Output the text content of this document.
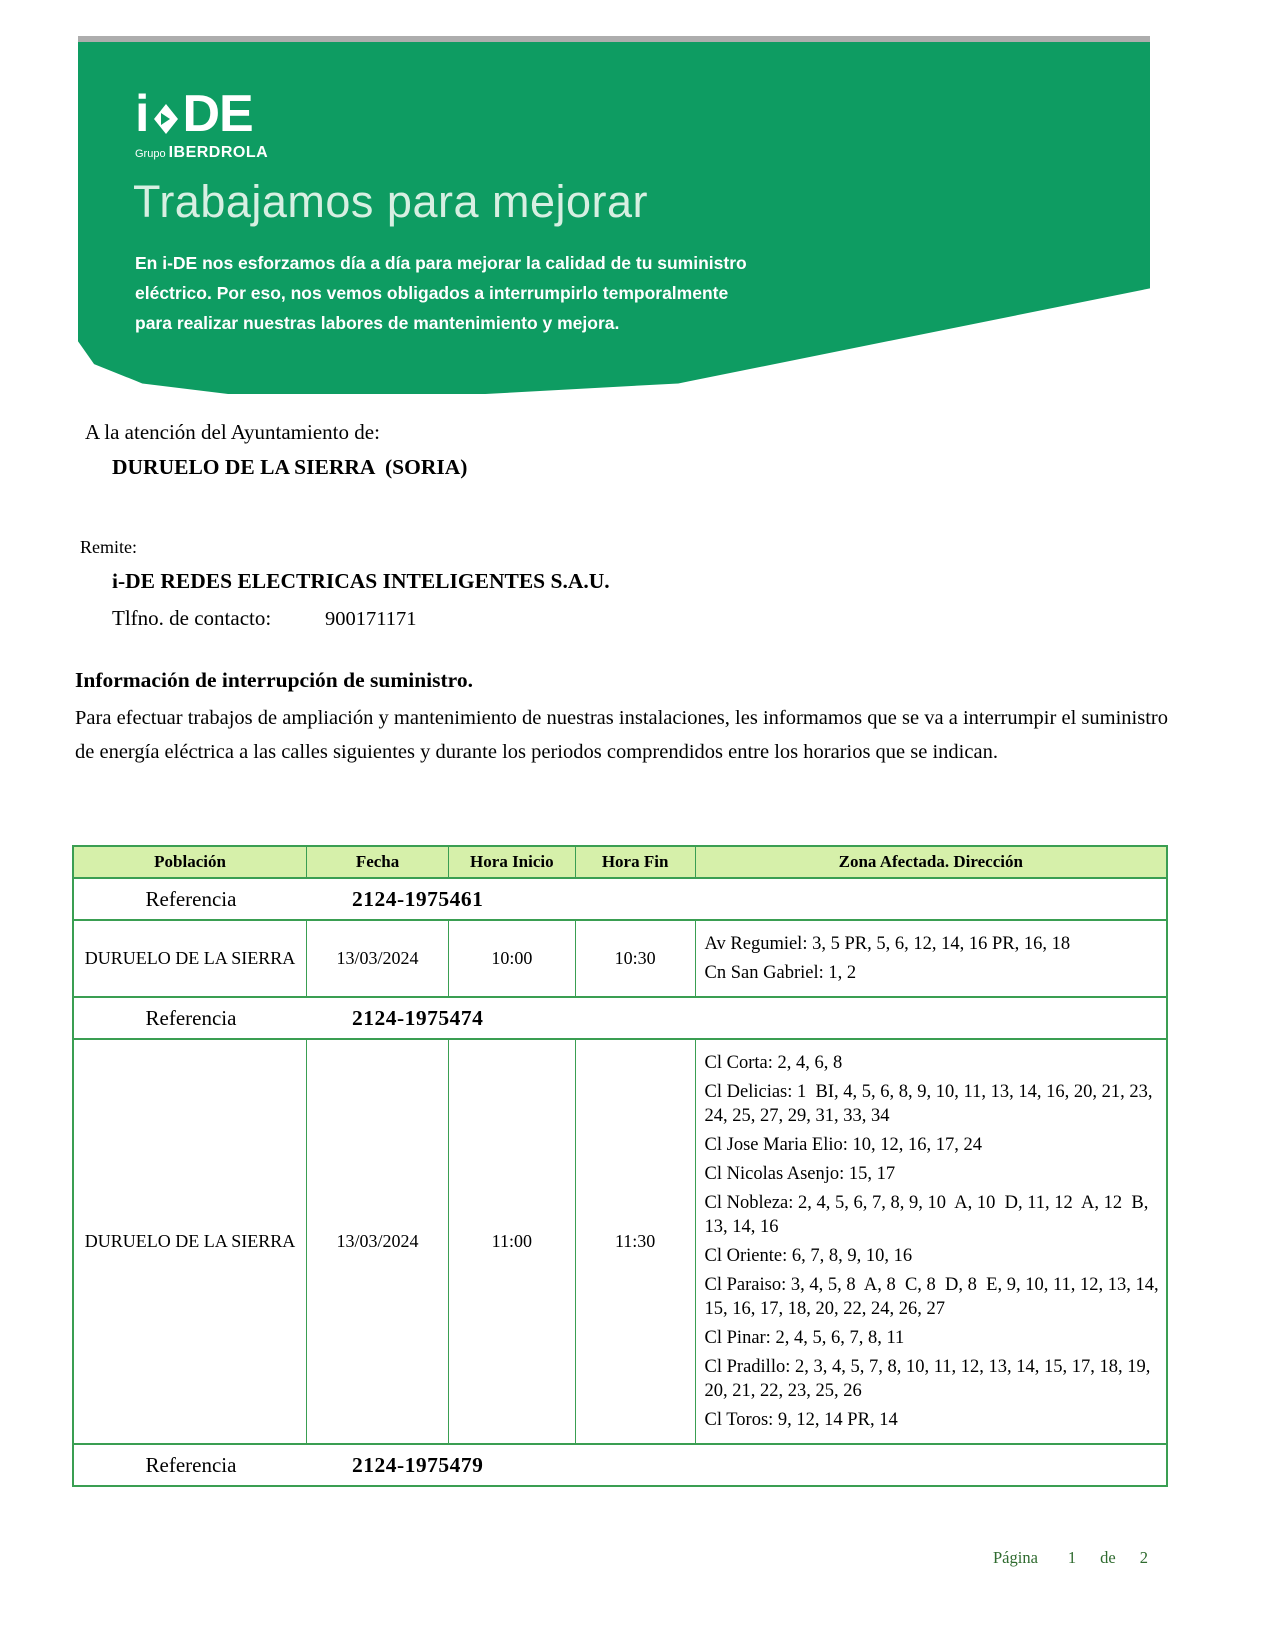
i DE
Grupo IBERDROLA
Trabajamos para mejorar
En i-DE nos esforzamos día a día para mejorar la calidad de tu suministro
eléctrico. Por eso, nos vemos obligados a interrumpirlo temporalmente
para realizar nuestras labores de mantenimiento y mejora.
A la atención del Ayuntamiento de:
DURUELO DE LA SIERRA  (SORIA)
Remite:
i-DE REDES ELECTRICAS INTELIGENTES S.A.U.
Tlfno. de contacto:	900171171
Información de interrupción de suministro.
Para efectuar trabajos de ampliación y mantenimiento de nuestras instalaciones, les informamos que se va a interrumpir el suministro de energía eléctrica a las calles siguientes y durante los periodos comprendidos entre los horarios que se indican.
Población	Fecha	Hora Inicio	Hora Fin	Zona Afectada. Dirección

Referencia 2124-1975461				

DURUELO DE LA SIERRA	13/03/2024	10:00	10:30	Av Regumiel: 3, 5 PR, 5, 6, 12, 14, 16 PR, 16, 18
Cn San Gabriel: 1, 2

Referencia 2124-1975474				

DURUELO DE LA SIERRA	13/03/2024	11:00	11:30	
Cl Corta: 2, 4, 6, 8
Cl Delicias: 1  BI, 4, 5, 6, 8, 9, 10, 11, 13, 14, 16, 20, 21, 23, 24, 25, 27, 29, 31, 33, 34
Cl Jose Maria Elio: 10, 12, 16, 17, 24
Cl Nicolas Asenjo: 15, 17
Cl Nobleza: 2, 4, 5, 6, 7, 8, 9, 10  A, 10  D, 11, 12  A, 12  B, 13, 14, 16
Cl Oriente: 6, 7, 8, 9, 10, 16
Cl Paraiso: 3, 4, 5, 8  A, 8  C, 8  D, 8  E, 9, 10, 11, 12, 13, 14, 15, 16, 17, 18, 20, 22, 24, 26, 27
Cl Pinar: 2, 4, 5, 6, 7, 8, 11
Cl Pradillo: 2, 3, 4, 5, 7, 8, 10, 11, 12, 13, 14, 15, 17, 18, 19, 20, 21, 22, 23, 25, 26
Cl Toros: 9, 12, 14 PR, 14

Referencia 2124-1975479				
Página 1 de 2
